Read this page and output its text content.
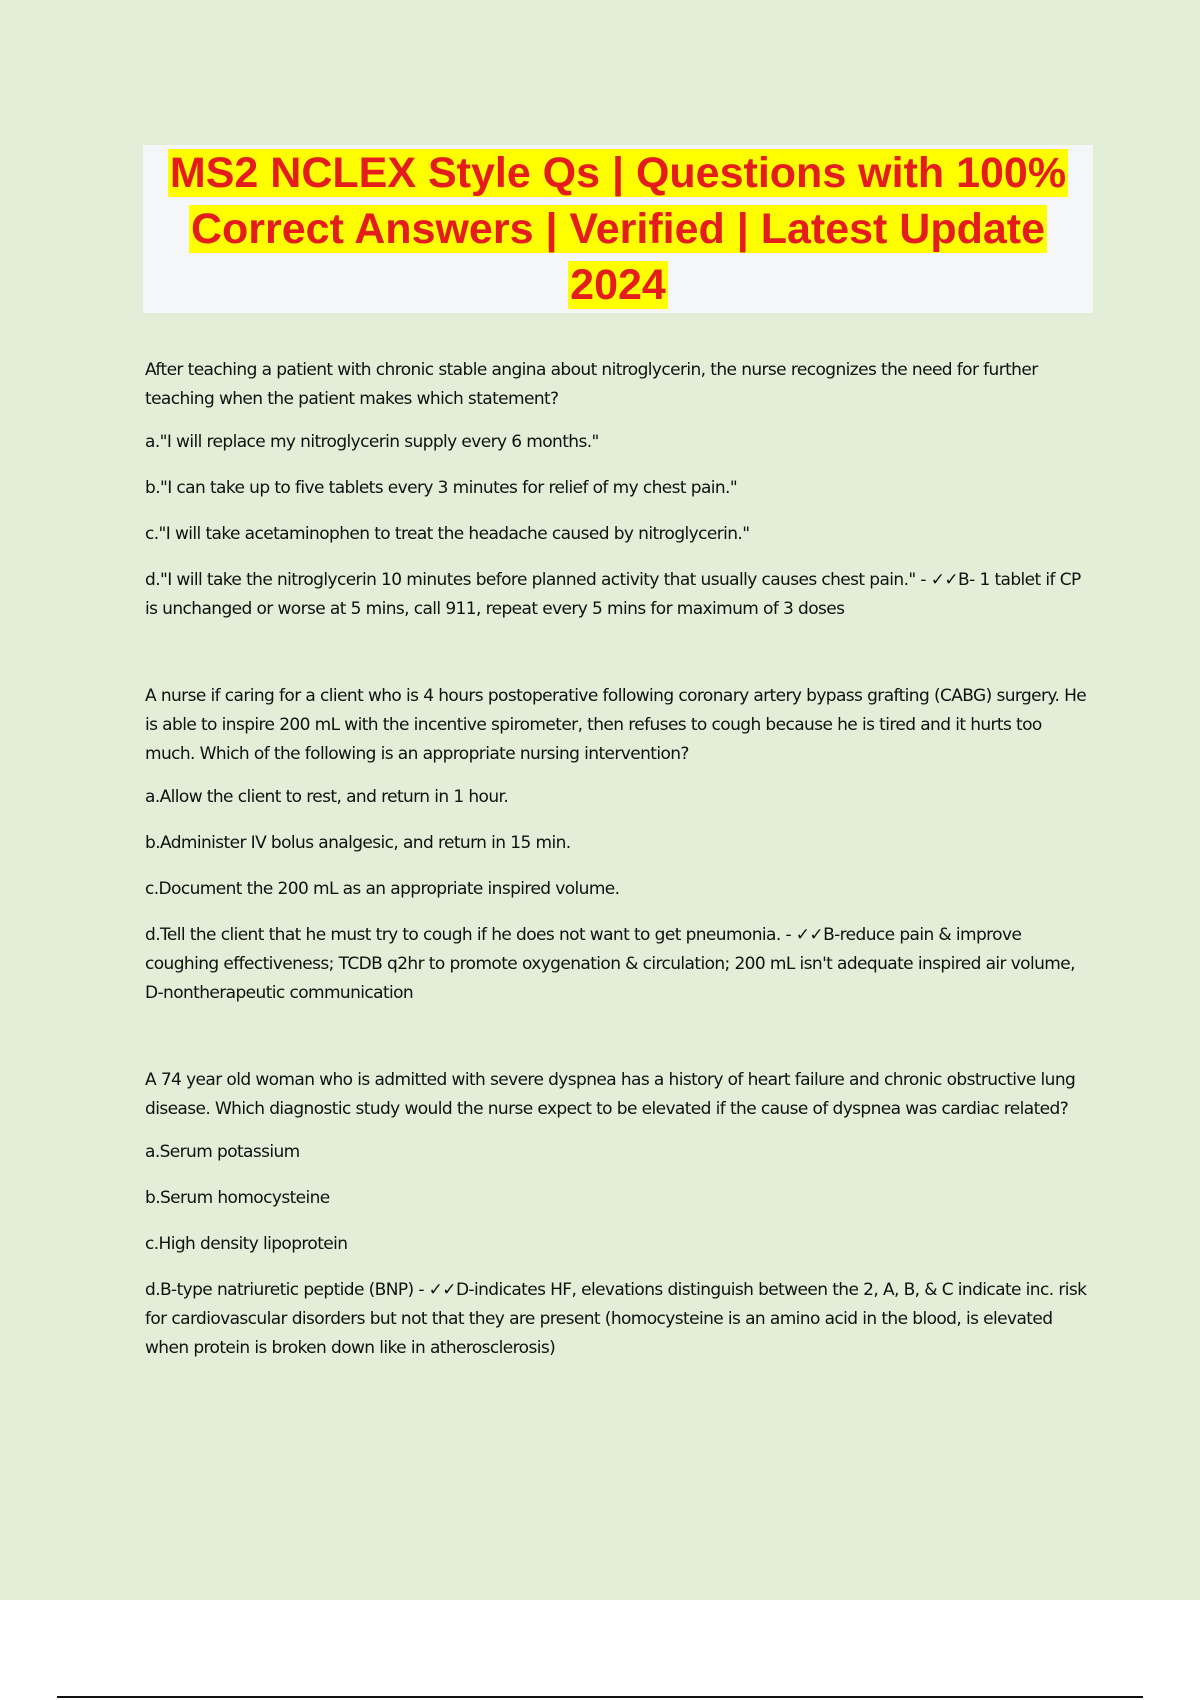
MS2 NCLEX Style Qs | Questions with 100% Correct Answers | Verified | Latest Update 2024

After teaching a patient with chronic stable angina about nitroglycerin, the nurse recognizes the need for further teaching when the patient makes which statement?

a."I will replace my nitroglycerin supply every 6 months."

b."I can take up to five tablets every 3 minutes for relief of my chest pain."

c."I will take acetaminophen to treat the headache caused by nitroglycerin."

d."I will take the nitroglycerin 10 minutes before planned activity that usually causes chest pain." - ✓✓B- 1 tablet if CP is unchanged or worse at 5 mins, call 911, repeat every 5 mins for maximum of 3 doses

A nurse if caring for a client who is 4 hours postoperative following coronary artery bypass grafting (CABG) surgery. He is able to inspire 200 mL with the incentive spirometer, then refuses to cough because he is tired and it hurts too much. Which of the following is an appropriate nursing intervention?

a.Allow the client to rest, and return in 1 hour.

b.Administer IV bolus analgesic, and return in 15 min.

c.Document the 200 mL as an appropriate inspired volume.

d.Tell the client that he must try to cough if he does not want to get pneumonia. - ✓✓B-reduce pain & improve coughing effectiveness; TCDB q2hr to promote oxygenation & circulation; 200 mL isn't adequate inspired air volume, D-nontherapeutic communication

A 74 year old woman who is admitted with severe dyspnea has a history of heart failure and chronic obstructive lung disease. Which diagnostic study would the nurse expect to be elevated if the cause of dyspnea was cardiac related?

a.Serum potassium

b.Serum homocysteine

c.High density lipoprotein

d.B-type natriuretic peptide (BNP) - ✓✓D-indicates HF, elevations distinguish between the 2, A, B, & C indicate inc. risk for cardiovascular disorders but not that they are present (homocysteine is an amino acid in the blood, is elevated when protein is broken down like in atherosclerosis)
